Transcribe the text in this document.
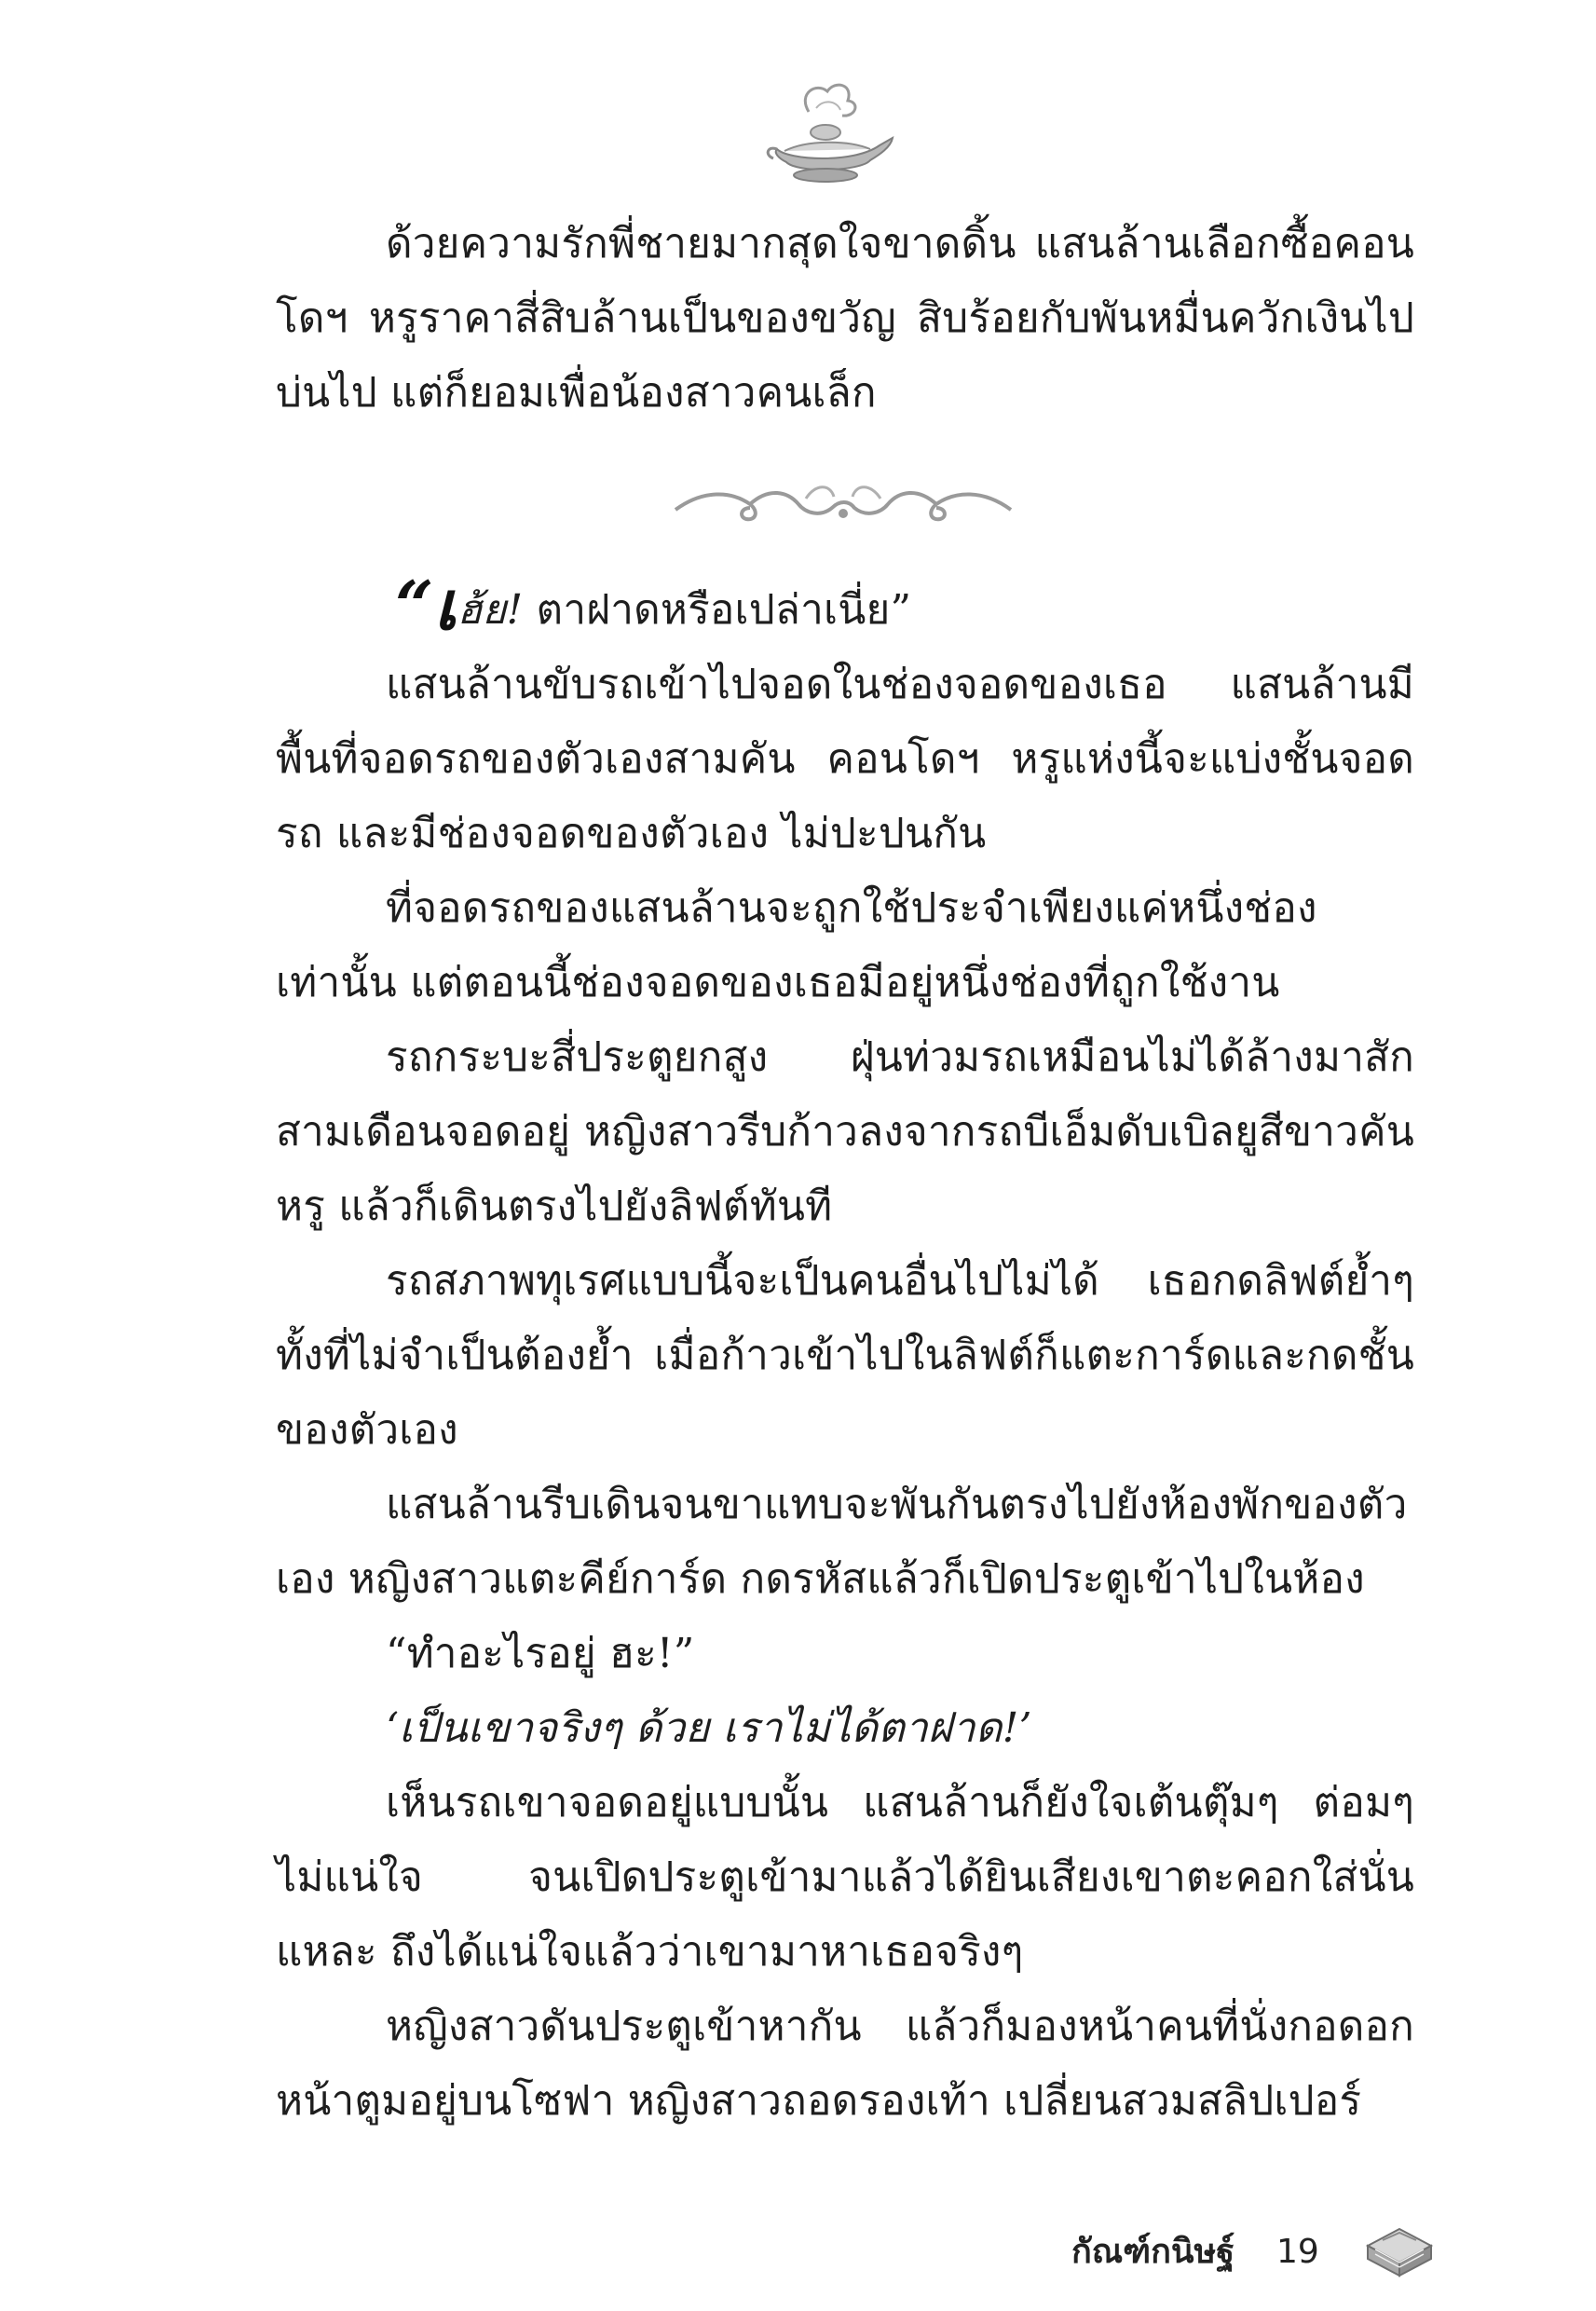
ด้วยความรักพี่ชายมากสุดใจขาดดิ้น แสนล้านเลือกซื้อคอนโดฯ หรูราคาสี่สิบล้านเป็นของขวัญ สิบร้อยกับพันหมื่นควักเงินไปบ่นไป แต่ก็ยอมเพื่อน้องสาวคนเล็ก

“เฮ้ย! ตาฝาดหรือเปล่าเนี่ย”

แสนล้านขับรถเข้าไปจอดในช่องจอดของเธอ แสนล้านมีพื้นที่จอดรถของตัวเองสามคัน คอนโดฯ หรูแห่งนี้จะแบ่งชั้นจอดรถ และมีช่องจอดของตัวเอง ไม่ปะปนกัน

ที่จอดรถของแสนล้านจะถูกใช้ประจำเพียงแค่หนึ่งช่องเท่านั้น แต่ตอนนี้ช่องจอดของเธอมีอยู่หนึ่งช่องที่ถูกใช้งาน

รถกระบะสี่ประตูยกสูง ฝุ่นท่วมรถเหมือนไม่ได้ล้างมาสักสามเดือนจอดอยู่ หญิงสาวรีบก้าวลงจากรถบีเอ็มดับเบิลยูสีขาวคันหรู แล้วก็เดินตรงไปยังลิฟต์ทันที

รถสภาพทุเรศแบบนี้จะเป็นคนอื่นไปไม่ได้ เธอกดลิฟต์ย้ำๆ ทั้งที่ไม่จำเป็นต้องย้ำ เมื่อก้าวเข้าไปในลิฟต์ก็แตะการ์ดและกดชั้นของตัวเอง

แสนล้านรีบเดินจนขาแทบจะพันกันตรงไปยังห้องพักของตัวเอง หญิงสาวแตะคีย์การ์ด กดรหัสแล้วก็เปิดประตูเข้าไปในห้อง

“ทำอะไรอยู่ ฮะ!”

‘เป็นเขาจริงๆ ด้วย เราไม่ได้ตาฝาด!’

เห็นรถเขาจอดอยู่แบบนั้น แสนล้านก็ยังใจเต้นตุ๊มๆ ต่อมๆ ไม่แน่ใจ จนเปิดประตูเข้ามาแล้วได้ยินเสียงเขาตะคอกใส่นั่นแหละ ถึงได้แน่ใจแล้วว่าเขามาหาเธอจริงๆ

หญิงสาวดันประตูเข้าหากัน แล้วก็มองหน้าคนที่นั่งกอดอกหน้าตูมอยู่บนโซฟา หญิงสาวถอดรองเท้า เปลี่ยนสวมสลิปเปอร์

กัณฑ์กนิษฐ์ 19
